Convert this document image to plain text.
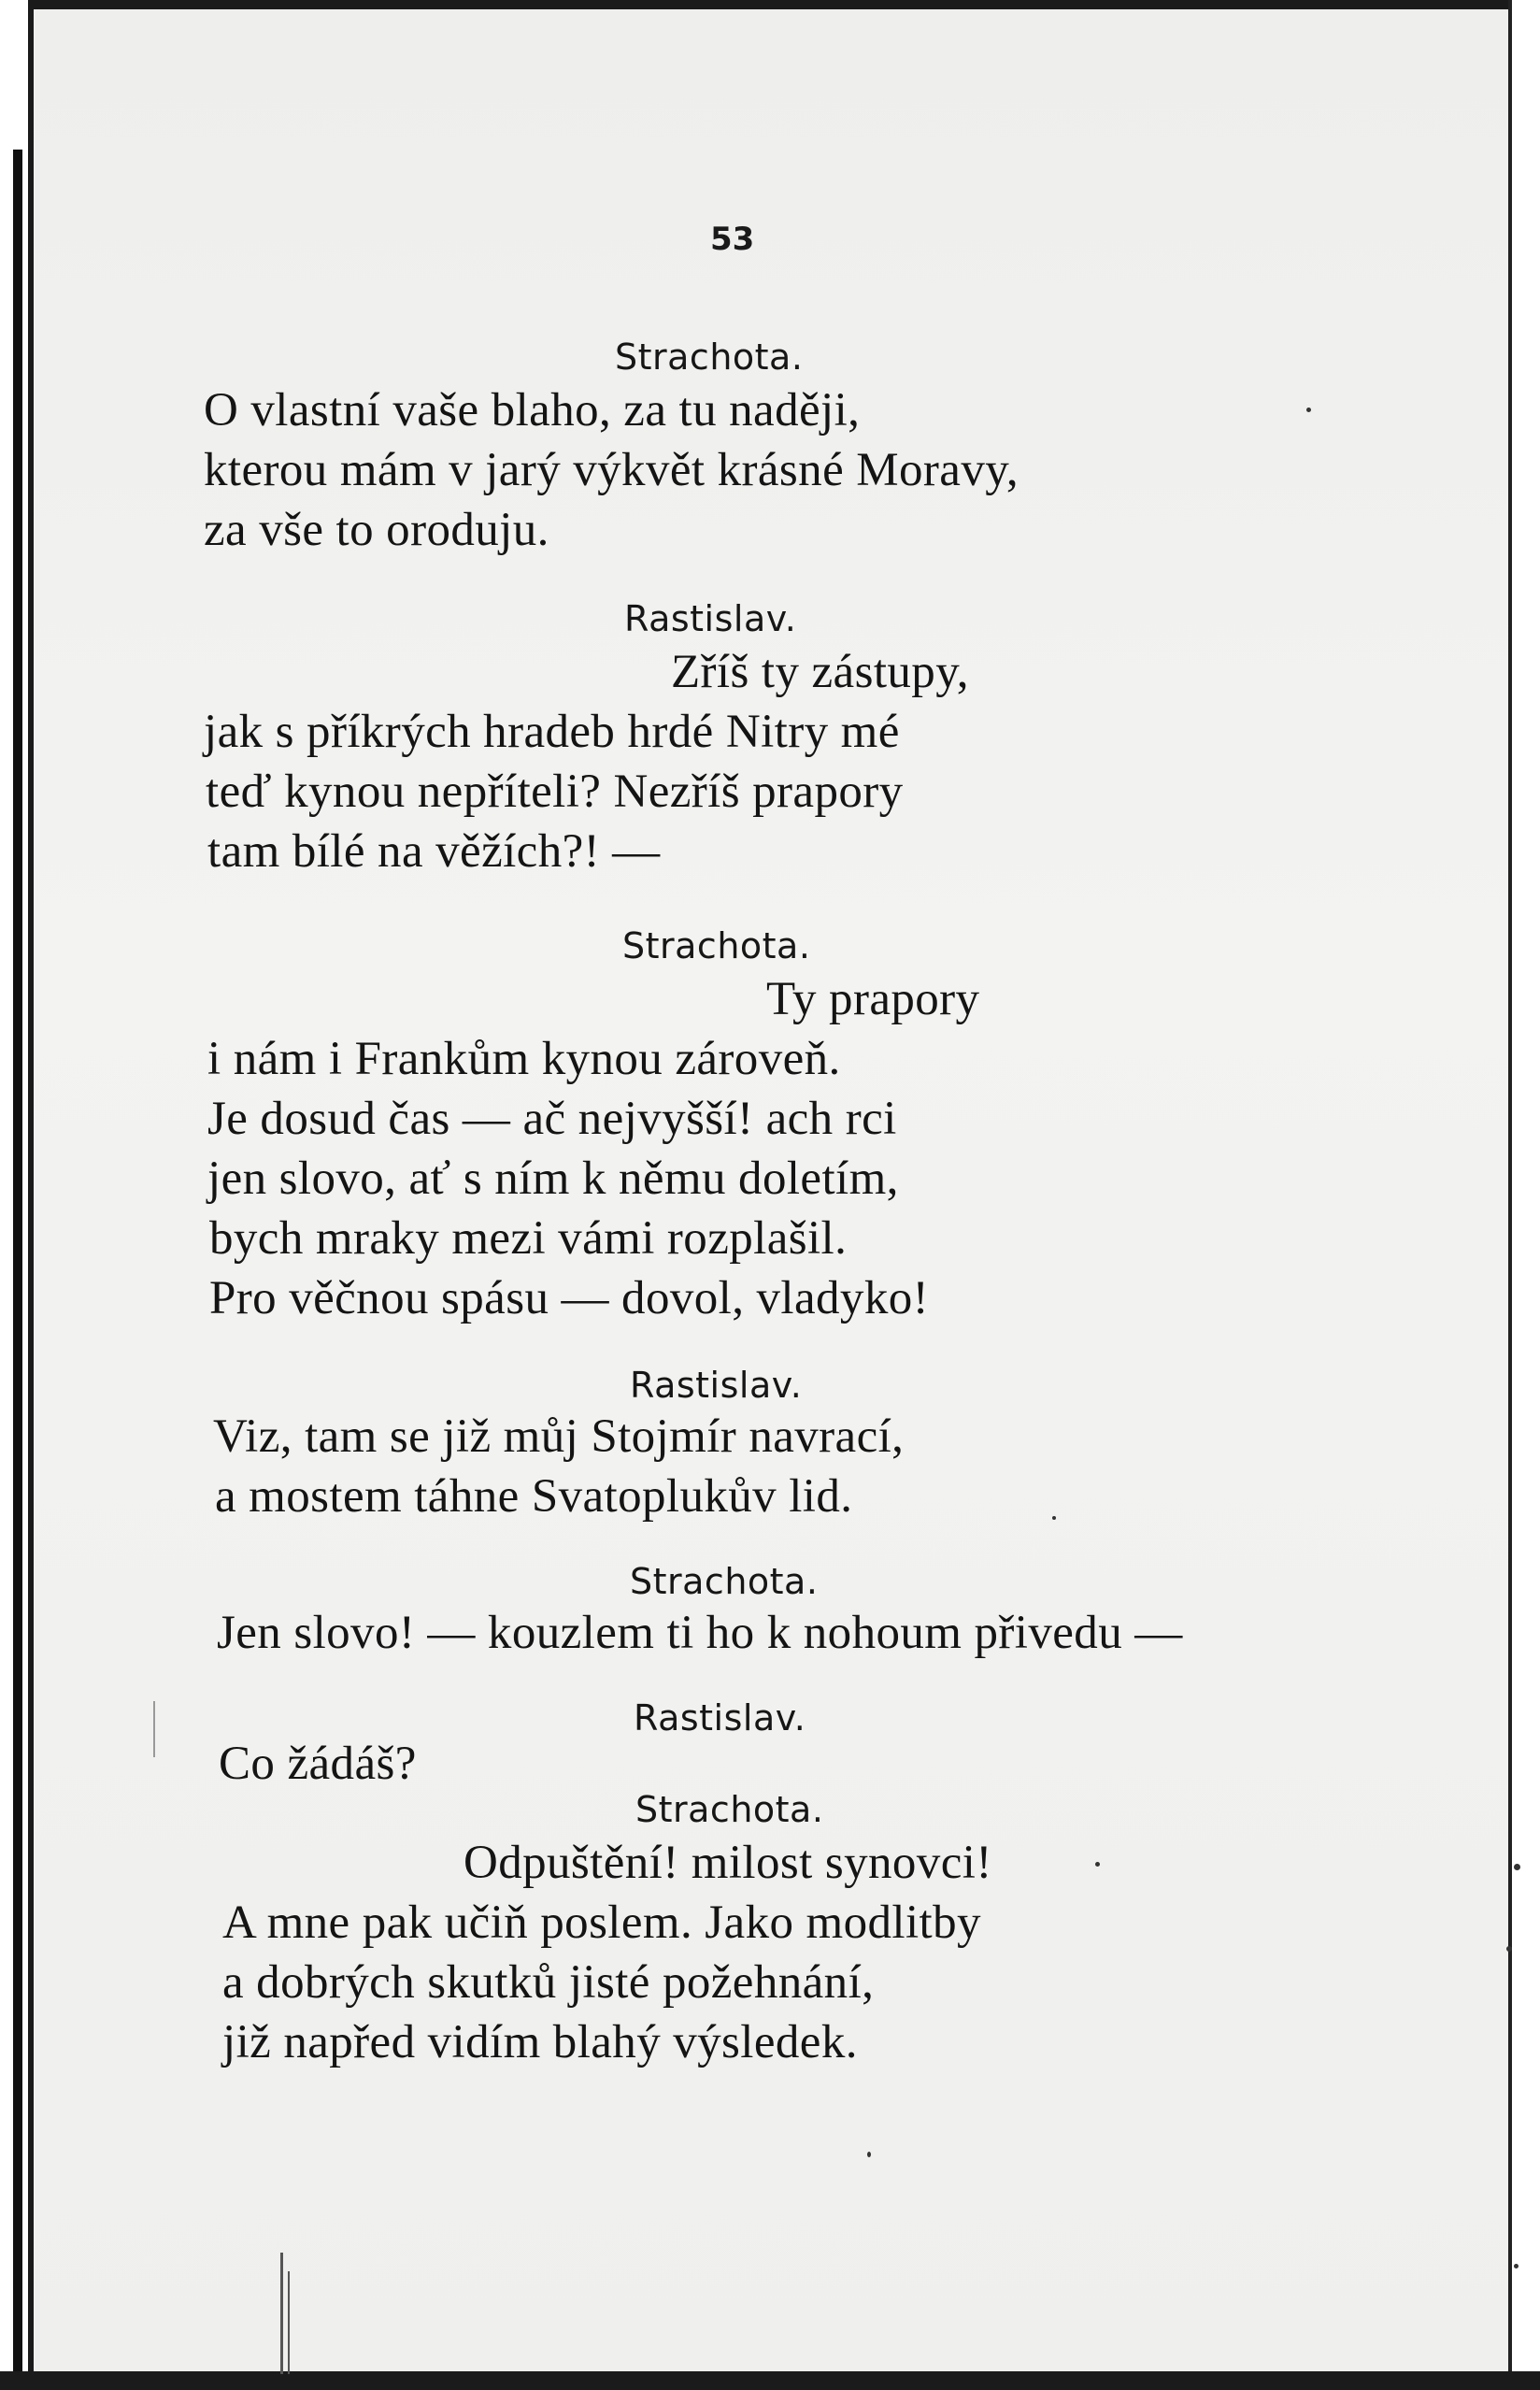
53
Strachota.
O vlastní vaše blaho, za tu naději,
kterou mám v jarý výkvět krásné Moravy,
za vše to oroduju.
Rastislav.
Zříš ty zástupy,
jak s příkrých hradeb hrdé Nitry mé
teď kynou nepříteli? Nezříš prapory
tam bílé na věžích?! —
Strachota.
Ty prapory
i nám i Frankům kynou zároveň.
Je dosud čas — ač nejvyšší! ach rci
jen slovo, ať s ním k němu doletím,
bych mraky mezi vámi rozplašil.
Pro věčnou spásu — dovol, vladyko!
Rastislav.
Viz, tam se již můj Stojmír navrací,
a mostem táhne Svatoplukův lid.
Strachota.
Jen slovo! — kouzlem ti ho k nohoum přivedu —
Rastislav.
Co žádáš?
Strachota.
Odpuštění! milost synovci!
A mne pak učiň poslem. Jako modlitby
a dobrých skutků jisté požehnání,
již napřed vidím blahý výsledek.
